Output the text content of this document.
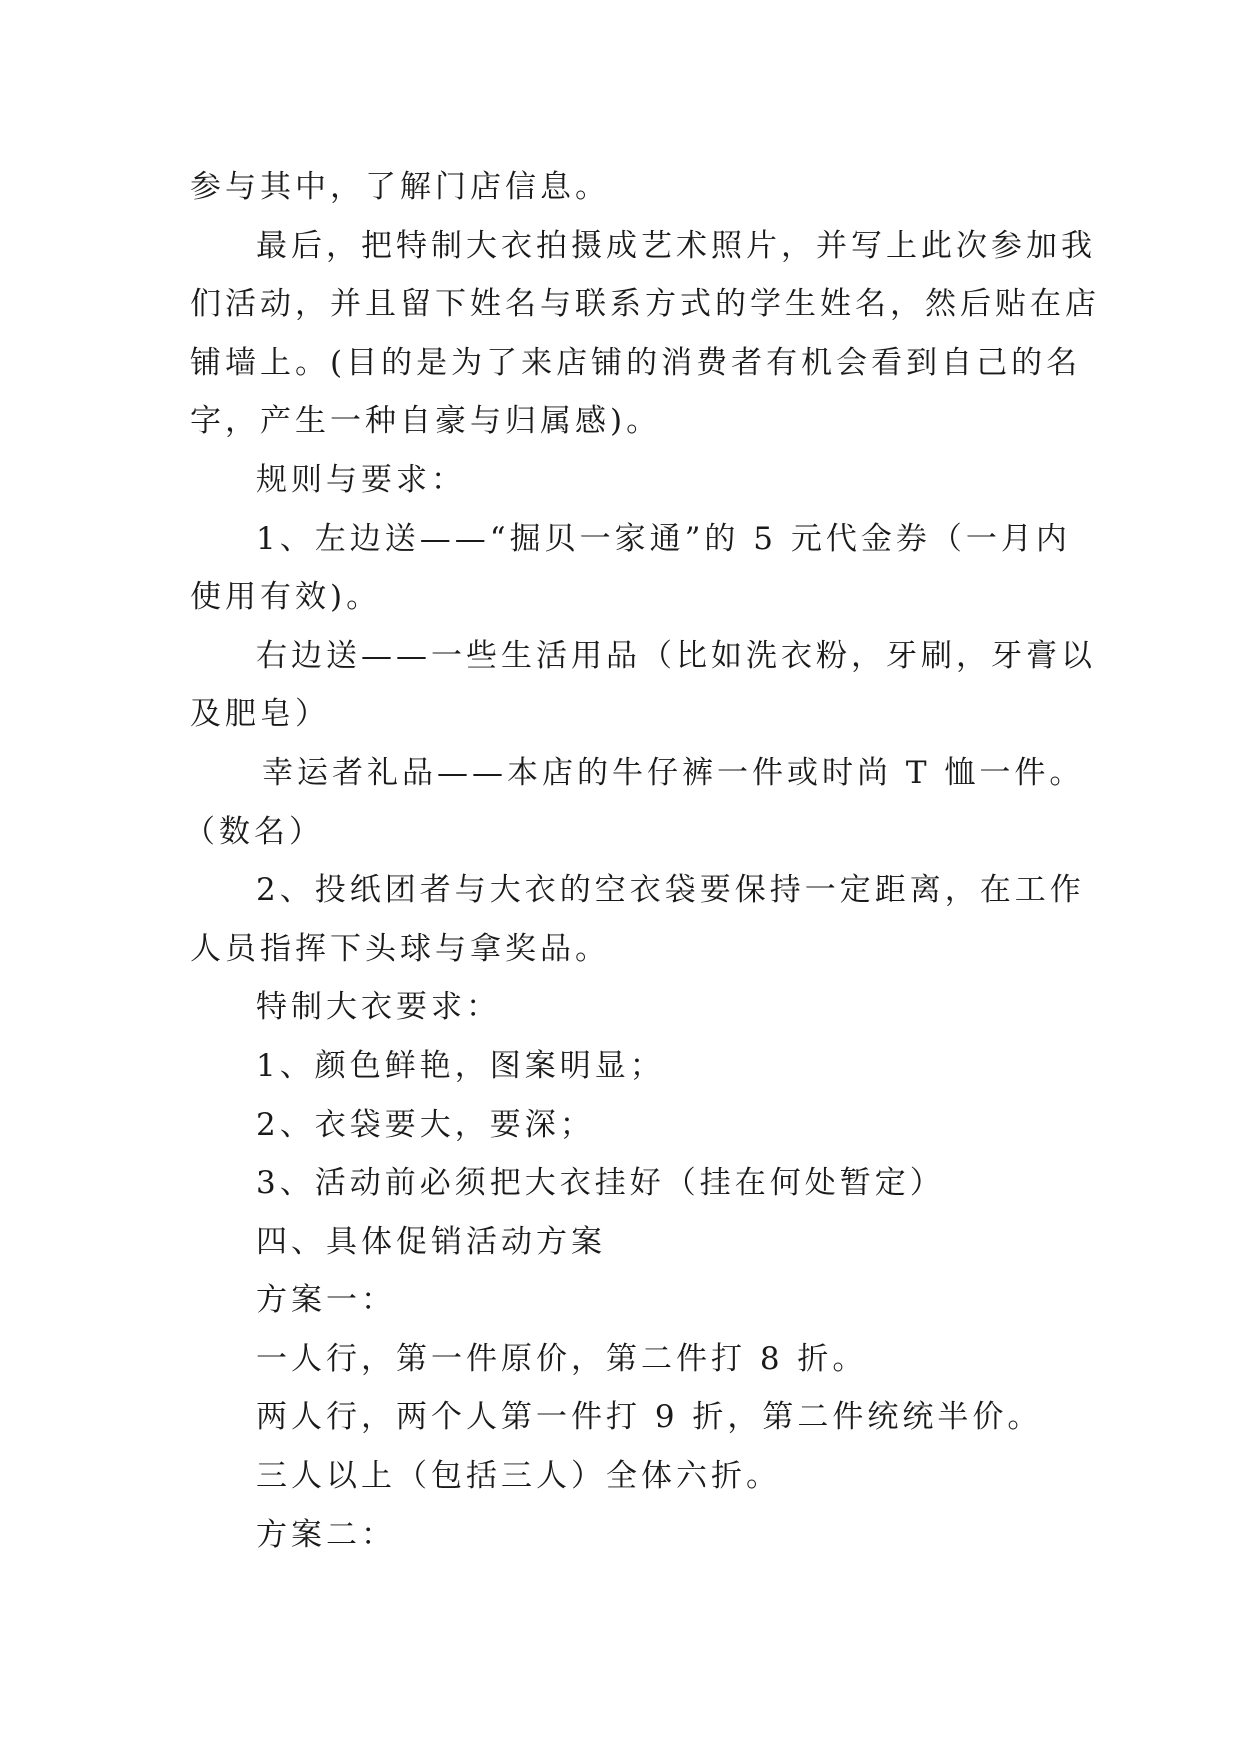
参与其中，了解门店信息。
最后，把特制大衣拍摄成艺术照片，并写上此次参加我
们活动，并且留下姓名与联系方式的学生姓名，然后贴在店
铺墙上。(目的是为了来店铺的消费者有机会看到自己的名
字，产生一种自豪与归属感)。
规则与要求：
1、左边送——“掘贝一家通”的 5 元代金券（一月内
使用有效)。
右边送——一些生活用品（比如洗衣粉，牙刷，牙膏以
及肥皂）
幸运者礼品——本店的牛仔裤一件或时尚 T 恤一件。
（数名）
2、投纸团者与大衣的空衣袋要保持一定距离，在工作
人员指挥下头球与拿奖品。
特制大衣要求：
1、颜色鲜艳，图案明显；
2、衣袋要大，要深；
3、活动前必须把大衣挂好（挂在何处暂定）
四、具体促销活动方案
方案一：
一人行，第一件原价，第二件打 8 折。
两人行，两个人第一件打 9 折，第二件统统半价。
三人以上（包括三人）全体六折。
方案二：
